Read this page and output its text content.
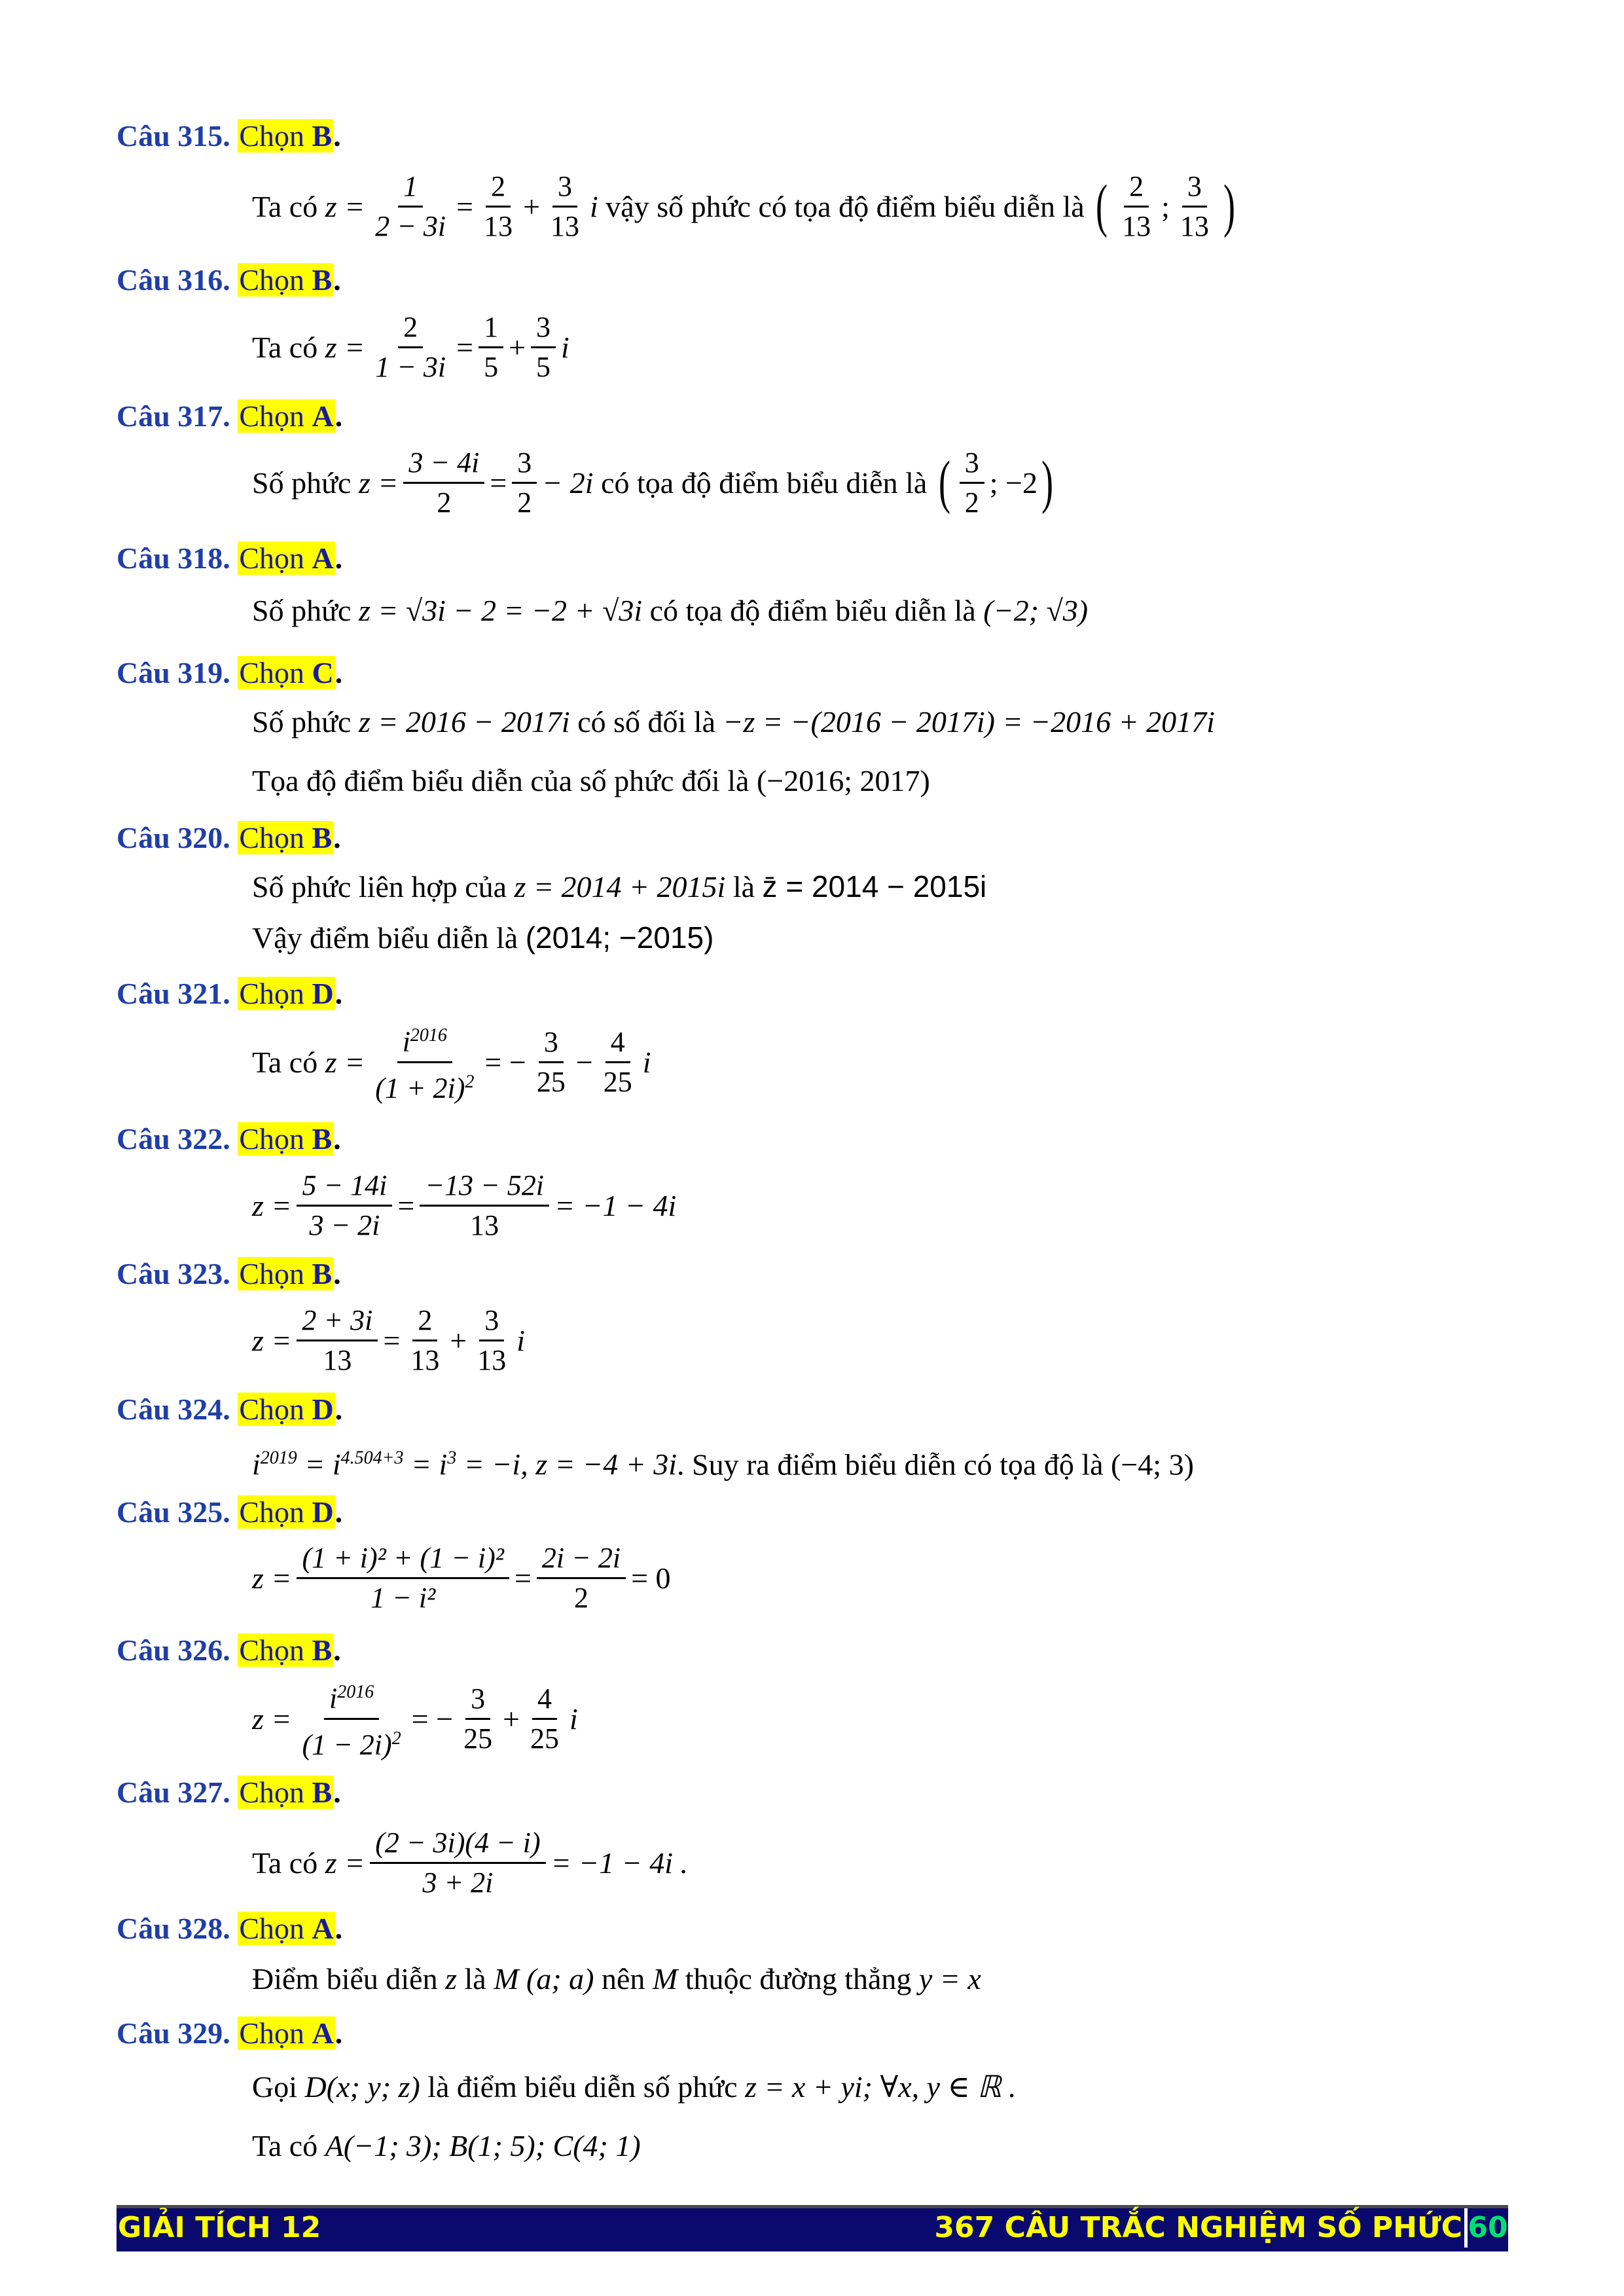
Câu 315. Chọn B.
Ta có
$z = \frac{1}{2 - 3i} = \frac{2}{13} + \frac{3}{13}$ i
vậy số phức có tọa độ điểm biểu diễn là
( $\frac{2}{13}$ ; $\frac{3}{13}$ )
Câu 316. Chọn B.
Ta có
$z = \frac{2}{1 - 3i} = \frac{1}{5} + \frac{3}{5}$ i
Câu 317. Chọn A.
Số phức
$z = \frac{3 - 4i}{2} = \frac{3}{2} - 2i$
có tọa độ điểm biểu diễn là
( $\frac{3}{2}$ ; −2 )
Câu 318. Chọn A.
Số phức z = √3i − 2 = −2 + √3i có tọa độ điểm biểu diễn là (−2; √3)
Câu 319. Chọn C.
Số phức z = 2016 − 2017i có số đối là −z = −(2016 − 2017i) = −2016 + 2017i
Tọa độ điểm biểu diễn của số phức đối là (−2016; 2017)
Câu 320. Chọn B.
Số phức liên hợp của z = 2014 + 2015i là z̄ = 2014 − 2015i
Vậy điểm biểu diễn là (2014; −2015)
Câu 321. Chọn D.
Ta có
$z = \frac{i^{2016}}{(1 + 2i)^2}$ = − $\frac{3}{25} - \frac{4}{25}$ i
Câu 322. Chọn B.
$z = \frac{5 - 14i}{3 - 2i} = \frac{-13 - 52i}{13} = -1 - 4i$
Câu 323. Chọn B.
$z = \frac{2 + 3i}{13} = \frac{2}{13} + \frac{3}{13}$ i
Câu 324. Chọn D.
$i^{2019} = i^{4.504+3} = i^3 = -i$, z = −4 + 3i. Suy ra điểm biểu diễn có tọa độ là (−4; 3)
Câu 325. Chọn D.
$z = \frac{\text{(1 + i)² + (1 − i)²}}{\text{1 − i²}} = \frac{2i - 2i}{2} = 0$
Câu 326. Chọn B.
$z = \frac{i^{2016}}{(1 - 2i)^2}$ = − $\frac{3}{25} + \frac{4}{25}$ i
Câu 327. Chọn B.
Ta có
$z = \frac{(2 - 3i)(4 - i)}{3 + 2i} = -1 - 4i$ .
Câu 328. Chọn A.
Điểm biểu diễn z là M (a; a) nên M thuộc đường thẳng y = x
Câu 329. Chọn A.
Gọi D(x; y; z) là điểm biểu diễn số phức z = x + yi; ∀x, y ∈ ℝ .
Ta có A(−1; 3); B(1; 5); C(4; 1)
GIẢI TÍCH 12	367 CÂU TRẮC NGHIỆM SỐ PHỨC 60
